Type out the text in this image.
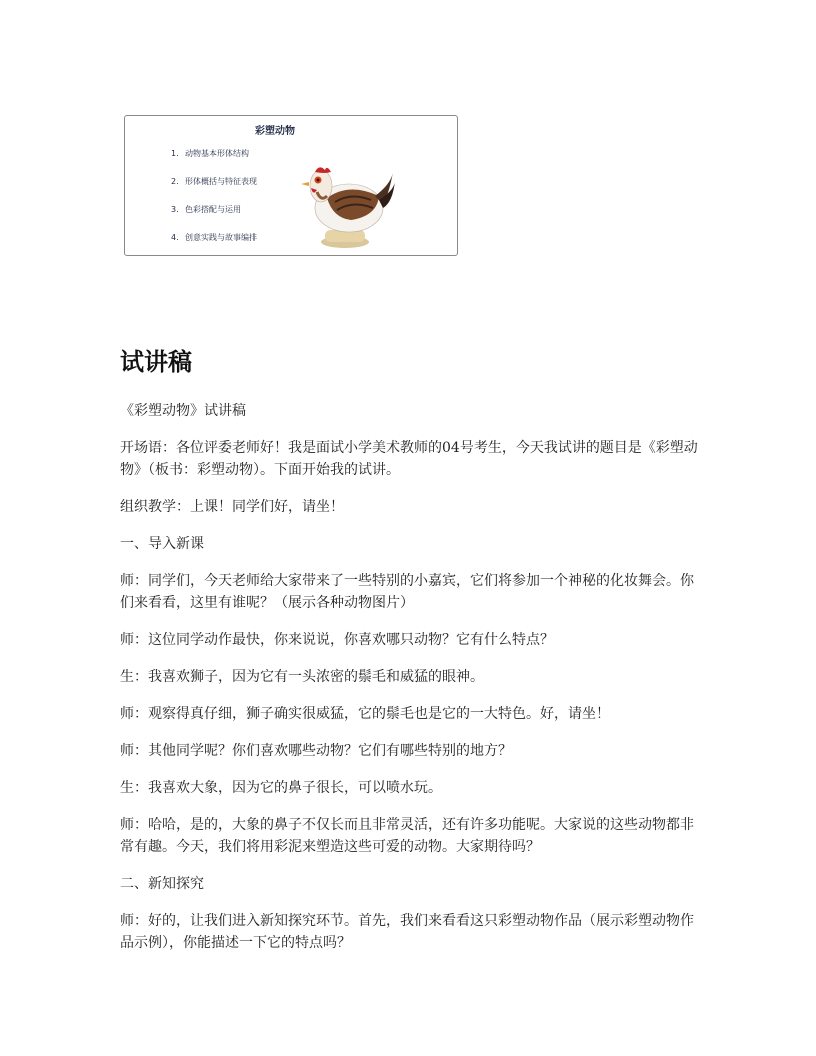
彩塑动物
1. 动物基本形体结构
2. 形体概括与特征表现
3. 色彩搭配与运用
4. 创意实践与故事编排
试讲稿

《彩塑动物》试讲稿

开场语：各位评委老师好！我是面试小学美术教师的04号考生，今天我试讲的题目是《彩塑动物》（板书：彩塑动物）。下面开始我的试讲。

组织教学：上课！同学们好，请坐！

一、导入新课

师：同学们，今天老师给大家带来了一些特别的小嘉宾，它们将参加一个神秘的化妆舞会。你们来看看，这里有谁呢？（展示各种动物图片）

师：这位同学动作最快，你来说说，你喜欢哪只动物？它有什么特点？

生：我喜欢狮子，因为它有一头浓密的鬃毛和威猛的眼神。

师：观察得真仔细，狮子确实很威猛，它的鬃毛也是它的一大特色。好，请坐！

师：其他同学呢？你们喜欢哪些动物？它们有哪些特别的地方？

生：我喜欢大象，因为它的鼻子很长，可以喷水玩。

师：哈哈，是的，大象的鼻子不仅长而且非常灵活，还有许多功能呢。大家说的这些动物都非常有趣。今天，我们将用彩泥来塑造这些可爱的动物。大家期待吗？

二、新知探究

师：好的，让我们进入新知探究环节。首先，我们来看看这只彩塑动物作品（展示彩塑动物作品示例），你能描述一下它的特点吗？
